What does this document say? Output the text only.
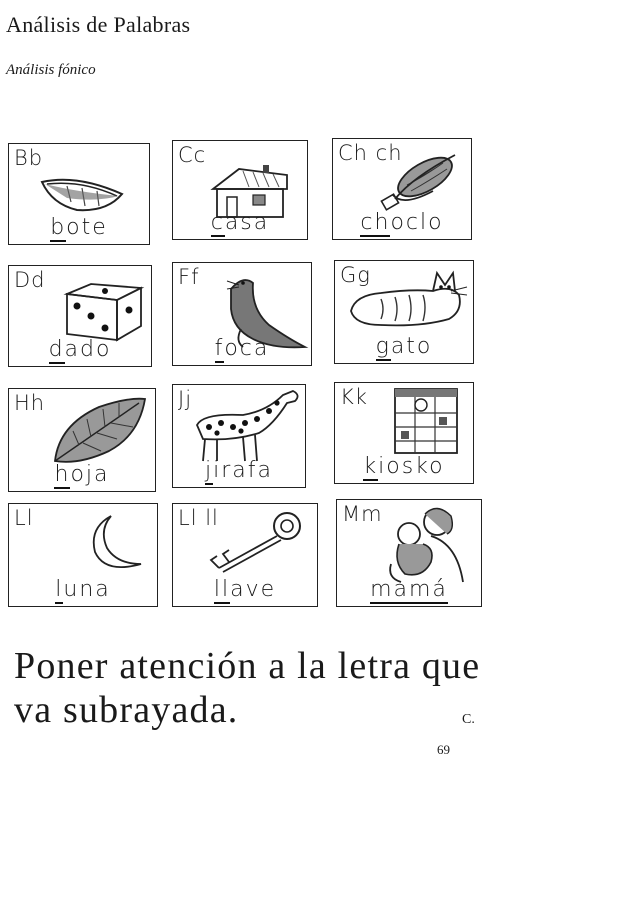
Análisis de Palabras
Análisis fónico
Bb
bote
Cc
casa
Ch ch
choclo
Dd
dado
Ff
foca
Gg
gato
Hh
hoja
Jj
jirafa
Kk
kiosko
Ll
luna
Ll ll
llave
Mm
mamá
Poner atención a la letra que va subrayada.	C.
69
